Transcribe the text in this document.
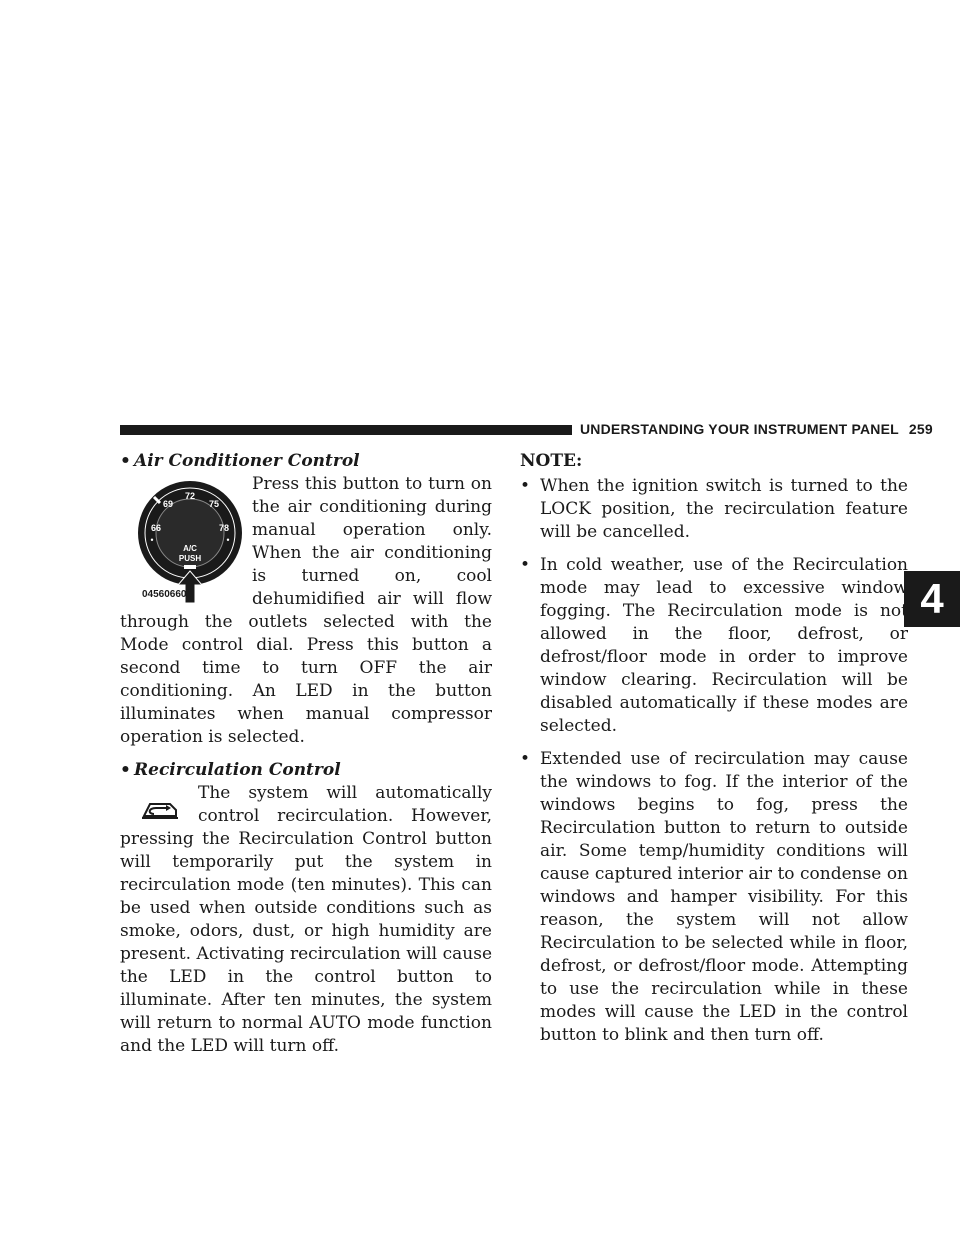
UNDERSTANDING YOUR INSTRUMENT PANEL 259
4
• Air Conditioner Control
72
69	75
66	78
•	•
A/C
PUSH
045606600

Press this button to turn on the air conditioning during manual operation only. When the air conditioning is turned on, cool dehumidified air will flow through the outlets selected with the Mode control dial. Press this button a second time to turn OFF the air conditioning. An LED in the button illuminates when manual compressor operation is selected.

• Recirculation Control

The system will automatically control recirculation. However, pressing the Recirculation Control button will temporarily put the system in recirculation mode (ten minutes). This can be used when outside conditions such as smoke, odors, dust, or high humidity are present. Activating recirculation will cause the LED in the control button to illuminate. After ten minutes, the system will return to normal AUTO mode function and the LED will turn off.

NOTE:
• When the ignition switch is turned to the LOCK position, the recirculation feature will be cancelled.
• In cold weather, use of the Recirculation mode may lead to excessive window fogging. The Recirculation mode is not allowed in the floor, defrost, or defrost/floor mode in order to improve window clearing. Recirculation will be disabled automatically if these modes are selected.
• Extended use of recirculation may cause the windows to fog. If the interior of the windows begins to fog, press the Recirculation button to return to outside air. Some temp/humidity conditions will cause captured interior air to condense on windows and hamper visibility. For this reason, the system will not allow Recirculation to be selected while in floor, defrost, or defrost/floor mode. Attempting to use the recirculation while in these modes will cause the LED in the control button to blink and then turn off.
